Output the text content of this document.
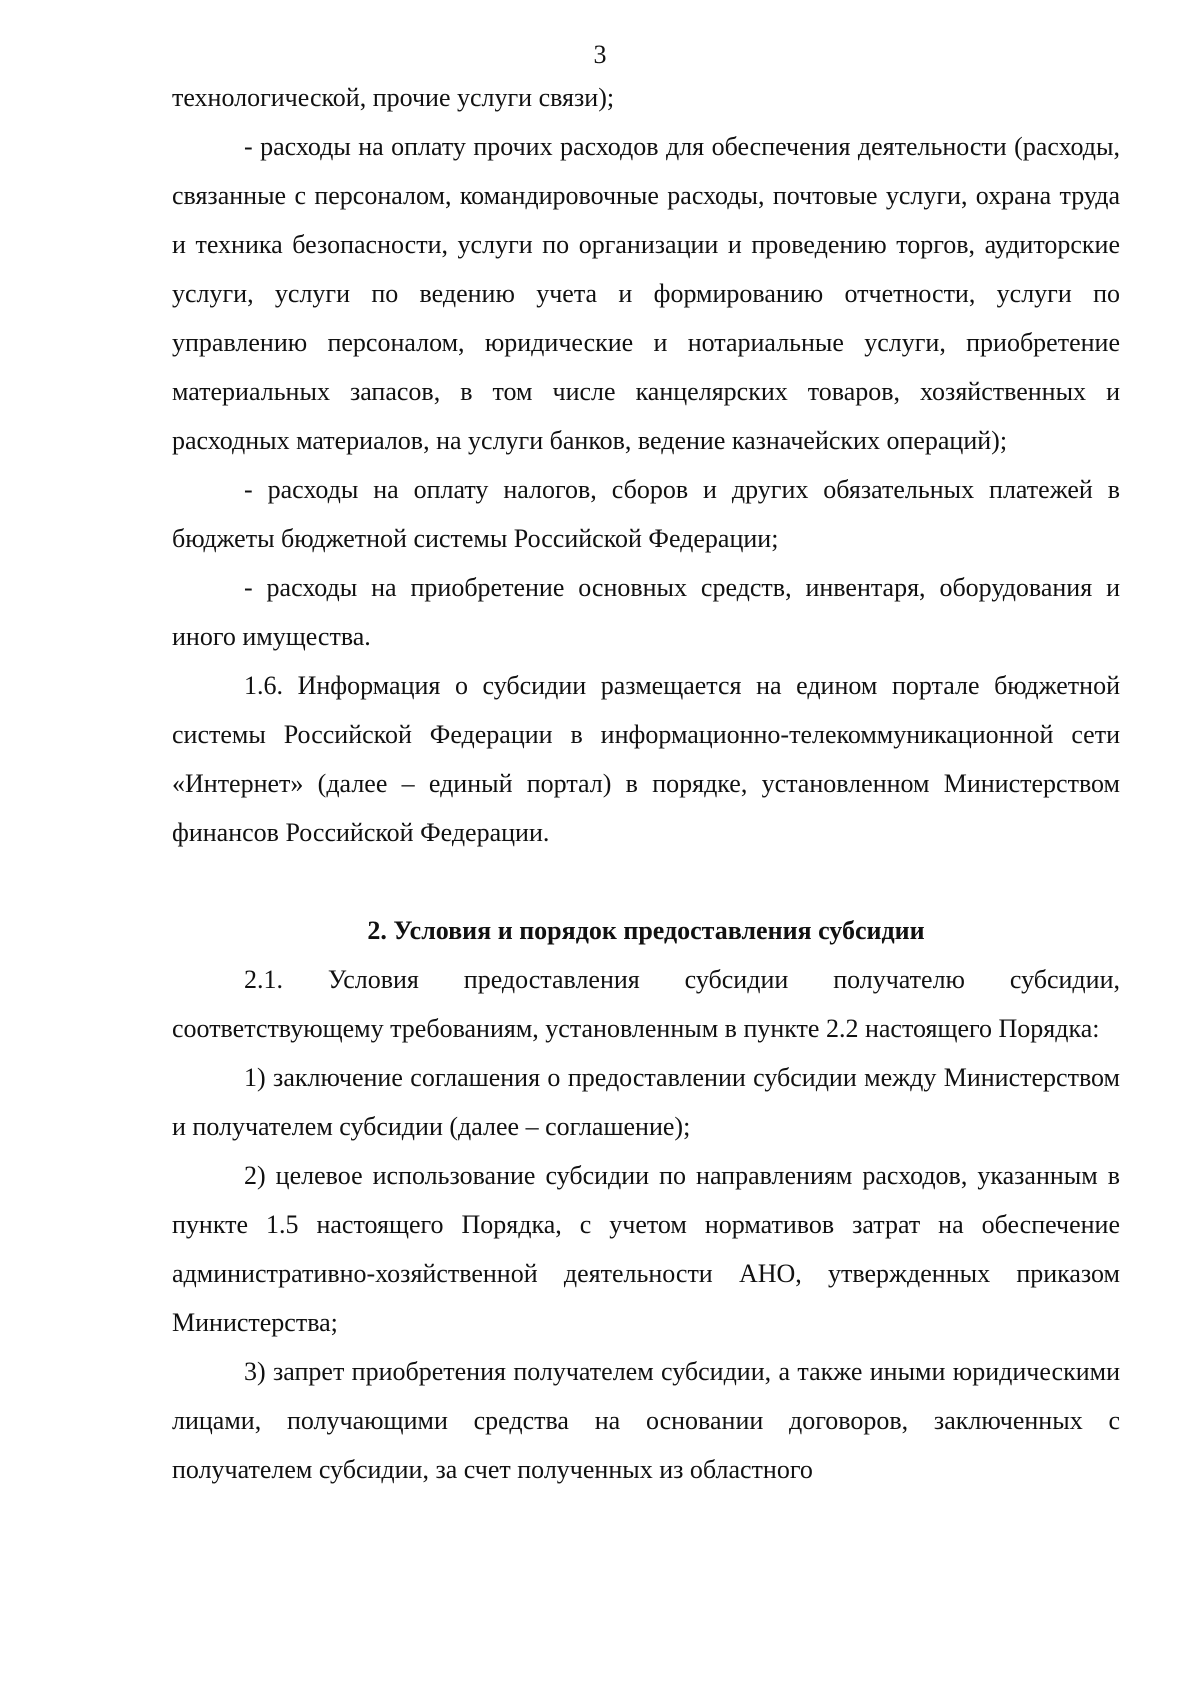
3

технологической, прочие услуги связи);

- расходы на оплату прочих расходов для обеспечения деятельности (расходы, связанные с персоналом, командировочные расходы, почтовые услуги, охрана труда и техника безопасности, услуги по организации и проведению торгов, аудиторские услуги, услуги по ведению учета и формированию отчетности, услуги по управлению персоналом, юридические и нотариальные услуги, приобретение материальных запасов, в том числе канцелярских товаров, хозяйственных и расходных материалов, на услуги банков, ведение казначейских операций);

- расходы на оплату налогов, сборов и других обязательных платежей в бюджеты бюджетной системы Российской Федерации;

- расходы на приобретение основных средств, инвентаря, оборудования и иного имущества.

1.6. Информация о субсидии размещается на едином портале бюджетной системы Российской Федерации в информационно-телекоммуникационной сети «Интернет» (далее – единый портал) в порядке, установленном Министерством финансов Российской Федерации.

2. Условия и порядок предоставления субсидии

2.1. Условия предоставления субсидии получателю субсидии, соответствующему требованиям, установленным в пункте 2.2 настоящего Порядка:

1) заключение соглашения о предоставлении субсидии между Министерством и получателем субсидии (далее – соглашение);

2) целевое использование субсидии по направлениям расходов, указанным в пункте 1.5 настоящего Порядка, с учетом нормативов затрат на обеспечение административно-хозяйственной деятельности АНО, утвержденных приказом Министерства;

3) запрет приобретения получателем субсидии, а также иными юридическими лицами, получающими средства на основании договоров, заключенных с получателем субсидии, за счет полученных из областного
